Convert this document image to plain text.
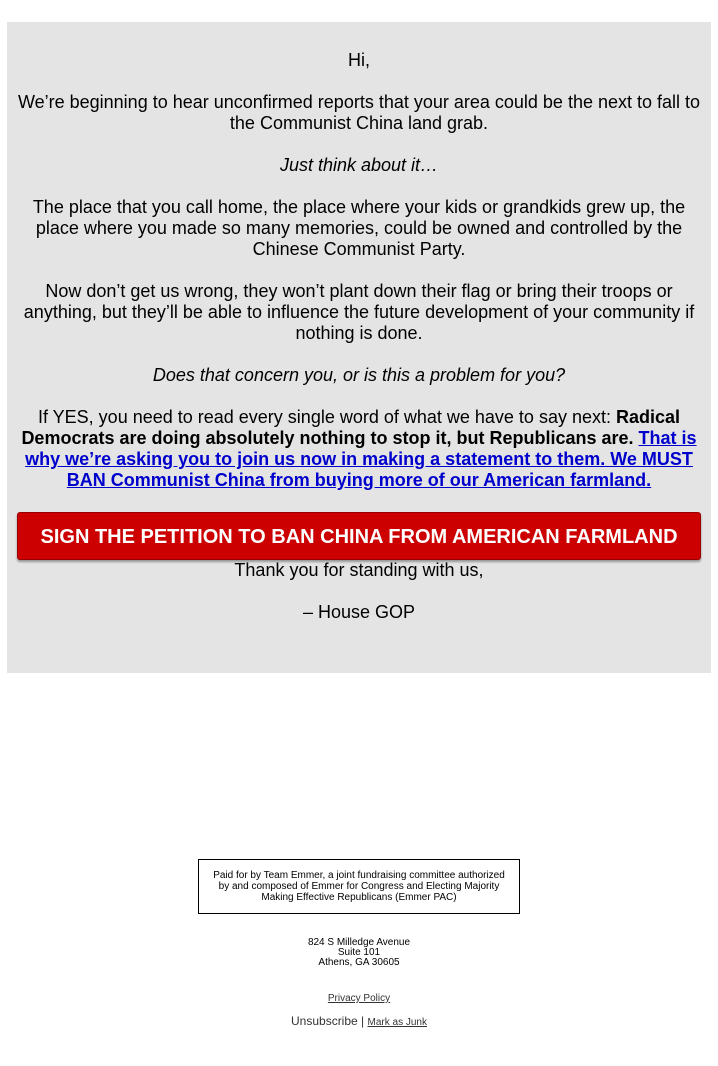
Hi,

We’re beginning to hear unconfirmed reports that your area could be the next to fall to the Communist China land grab.

Just think about it…

The place that you call home, the place where your kids or grandkids grew up, the place where you made so many memories, could be owned and controlled by the Chinese Communist Party.

Now don’t get us wrong, they won’t plant down their flag or bring their troops or anything, but they’ll be able to influence the future development of your community if nothing is done.

Does that concern you, or is this a problem for you?

If YES, you need to read every single word of what we have to say next: Radical Democrats are doing absolutely nothing to stop it, but Republicans are. That is why we’re asking you to join us now in making a statement to them. We MUST BAN Communist China from buying more of our American farmland.

SIGN THE PETITION TO BAN CHINA FROM AMERICAN FARMLAND

Thank you for standing with us,

– House GOP

Paid for by Team Emmer, a joint fundraising committee authorized by and composed of Emmer for Congress and Electing Majority Making Effective Republicans (Emmer PAC)
824 S Milledge Avenue
Suite 101
Athens, GA 30605
Privacy Policy
Unsubscribe | Mark as Junk
